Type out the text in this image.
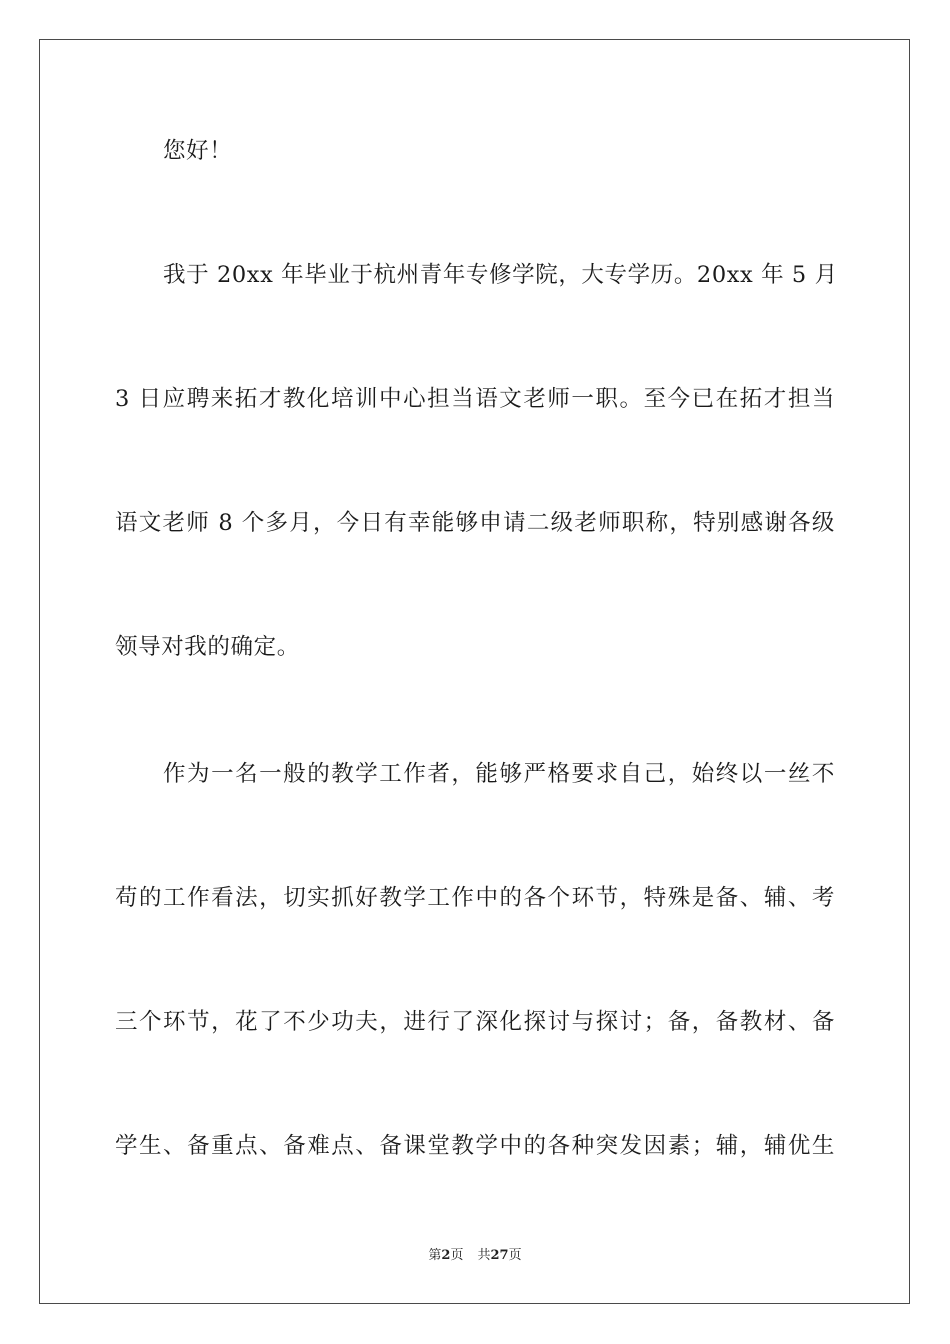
您好！
我于 20xx 年毕业于杭州青年专修学院，大专学历。20xx 年 5 月
3 日应聘来拓才教化培训中心担当语文老师一职。至今已在拓才担当
语文老师 8 个多月，今日有幸能够申请二级老师职称，特别感谢各级
领导对我的确定。
作为一名一般的教学工作者，能够严格要求自己，始终以一丝不
苟的工作看法，切实抓好教学工作中的各个环节，特殊是备、辅、考
三个环节，花了不少功夫，进行了深化探讨与探讨；备，备教材、备
学生、备重点、备难点、备课堂教学中的各种突发因素；辅，辅优生
第2页 共27页
